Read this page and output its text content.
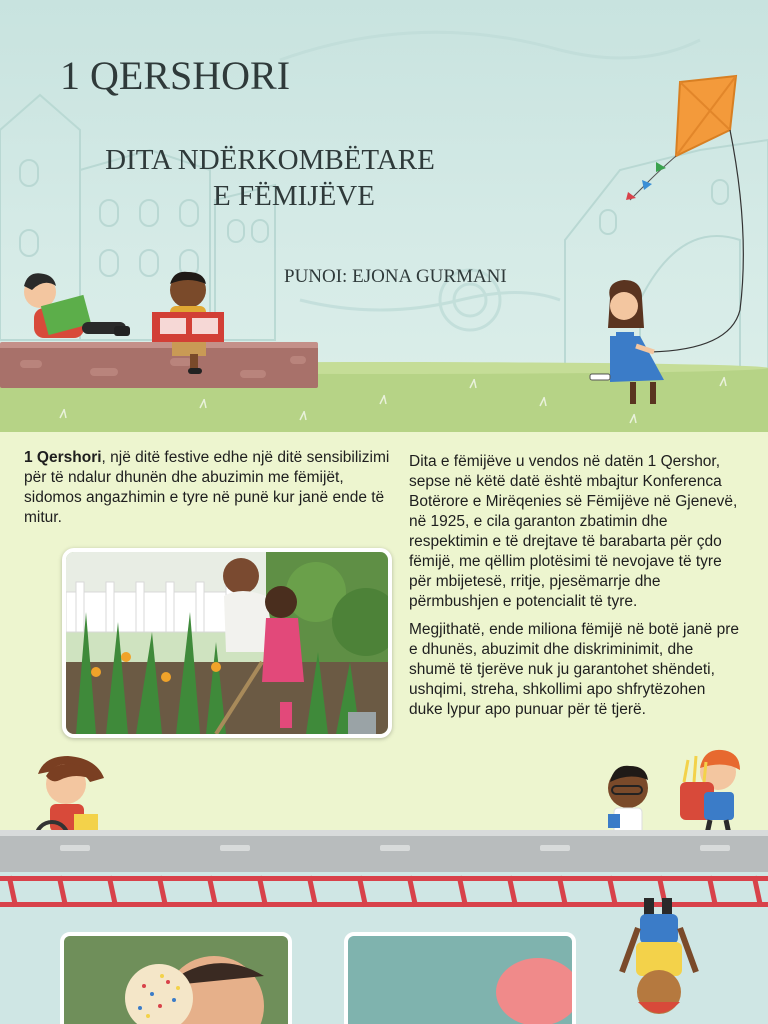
1 QERSHORI
DITA NDËRKOMBËTARE
E FËMIJËVE
PUNOI: EJONA GURMANI

1 Qershori, një ditë festive edhe një ditë sensibilizimi për të ndalur dhunën dhe abuzimin me fëmijët, sidomos angazhimin e tyre në punë kur janë ende të mitur.

Dita e fëmijëve u vendos në datën 1 Qershor, sepse në këtë datë është mbajtur Konferenca Botërore e Mirëqenies së Fëmijëve në Gjenevë, në 1925, e cila garanton zbatimin dhe respektimin e të drejtave të barabarta për çdo fëmijë, me qëllim plotësimi të nevojave të tyre për mbijetesë, rritje, pjesëmarrje dhe përmbushjen e potencialit të tyre.

Megjithatë, ende miliona fëmijë në botë janë pre e dhunës, abuzimit dhe diskriminimit, dhe shumë të tjerëve nuk ju garantohet shëndeti, ushqimi, streha, shkollimi apo shfrytëzohen duke lypur apo punuar për të tjerë.
